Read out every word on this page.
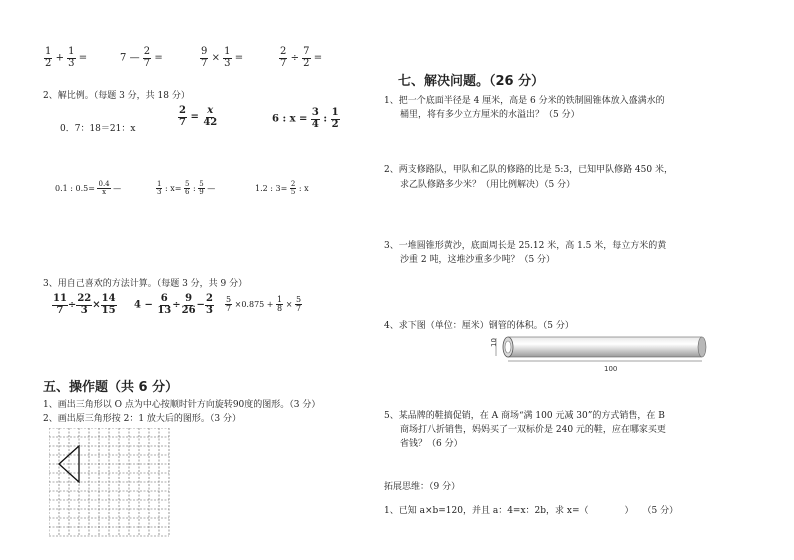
$\frac{1}{2} + \frac{1}{3}$ =	7 — $\frac{2}{7}$ =	$\frac{9}{7} \times \frac{1}{3}$ =	$\frac{2}{7} \div \frac{7}{2}$ =
2、解比例。（每题 3 分，共 18 分）
0．7：18＝21：x
$\frac{2}{7} = \frac{x}{42}$	6 : $x = \frac{3}{4}$ : $\frac{1}{2}$
0.1 : $0.5= \frac{0.4}{x}$ —	$\frac{1}{3}$ : $x= \frac{5}{6}$ : $\frac{5}{9}$ —	1.2 : $3= \frac{2}{5}$ : x
3、用自己喜欢的方法计算。（每题 3 分，共 9 分）
$\frac{11}{7} \div \frac{22}{3} \times \frac{14}{15} 4 - \frac{6}{13} \div \frac{9}{26} - \frac{2}{3} \frac{5}{7} \times 0.875 + \frac{1}{8} \times \frac{5}{7}$
五、操作题（共 6 分）
1、画出三角形以 O 点为中心按顺时针方向旋转90度的图形。（3 分）
2、画出原三角形按 2：1 放大后的图形。（3 分）
七、解决问题。（26 分）
1、把一个底面半径是 4 厘米，高是 6 分米的铁制圆锥体放入盛满水的
桶里，将有多少立方厘米的水溢出？（5 分）
2、两支修路队，甲队和乙队的修路的比是 5:3，已知甲队修路 450 米，
求乙队修路多少米？（用比例解决）（5 分）
3、一堆圆锥形黄沙，底面周长是 25.12 米，高 1.5 米，每立方米的黄
沙重 2 吨，这堆沙重多少吨？（5 分）
4、求下图（单位：厘米）钢管的体积。（5 分）
10
100
5、某品牌的鞋搞促销，在 A 商场“满 100 元减 30”的方式销售，在 B
商场打八折销售，妈妈买了一双标价是 240 元的鞋，应在哪家买更
省钱？（6 分）
拓展思维：（9 分）
1、已知 a×b=120，并且 a：4=x：2b，求 x=（　　　　）　　（5 分）
